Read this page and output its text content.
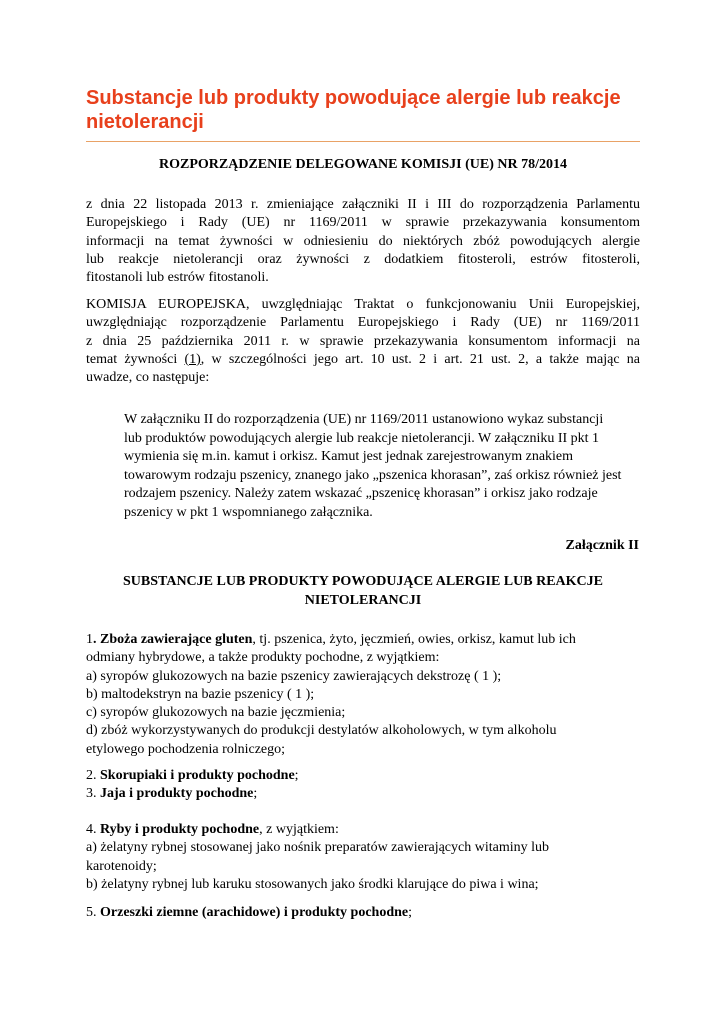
Substancje lub produkty powodujące alergie lub reakcje nietolerancji
ROZPORZĄDZENIE DELEGOWANE KOMISJI (UE) NR 78/2014
z dnia 22 listopada 2013 r. zmieniające załączniki II i III do rozporządzenia Parlamentu
Europejskiego i Rady (UE) nr 1169/2011 w sprawie przekazywania konsumentom
informacji na temat żywności w odniesieniu do niektórych zbóż powodujących alergie
lub reakcje nietolerancji oraz żywności z dodatkiem fitosteroli, estrów fitosteroli,
fitostanoli lub estrów fitostanoli.
KOMISJA EUROPEJSKA, uwzględniając Traktat o funkcjonowaniu Unii Europejskiej,
uwzględniając rozporządzenie Parlamentu Europejskiego i Rady (UE) nr 1169/2011
z dnia 25 października 2011 r. w sprawie przekazywania konsumentom informacji na
temat żywności (1), w szczególności jego art. 10 ust. 2 i art. 21 ust. 2, a także mając na
uwadze, co następuje:
W załączniku II do rozporządzenia (UE) nr 1169/2011 ustanowiono wykaz substancji
lub produktów powodujących alergie lub reakcje nietolerancji. W załączniku II pkt 1
wymienia się m.in. kamut i orkisz. Kamut jest jednak zarejestrowanym znakiem
towarowym rodzaju pszenicy, znanego jako „pszenica khorasan”, zaś orkisz również jest
rodzajem pszenicy. Należy zatem wskazać „pszenicę khorasan” i orkisz jako rodzaje
pszenicy w pkt 1 wspomnianego załącznika.
Załącznik II
SUBSTANCJE LUB PRODUKTY POWODUJĄCE ALERGIE LUB REAKCJE
NIETOLERANCJI
1. Zboża zawierające gluten, tj. pszenica, żyto, jęczmień, owies, orkisz, kamut lub ich
odmiany hybrydowe, a także produkty pochodne, z wyjątkiem:
a) syropów glukozowych na bazie pszenicy zawierających dekstrozę ( 1 );
b) maltodekstryn na bazie pszenicy ( 1 );
c) syropów glukozowych na bazie jęczmienia;
d) zbóż wykorzystywanych do produkcji destylatów alkoholowych, w tym alkoholu
etylowego pochodzenia rolniczego;
2. Skorupiaki i produkty pochodne;
3. Jaja i produkty pochodne;
4. Ryby i produkty pochodne, z wyjątkiem:
a) żelatyny rybnej stosowanej jako nośnik preparatów zawierających witaminy lub
karotenoidy;
b) żelatyny rybnej lub karuku stosowanych jako środki klarujące do piwa i wina;
5. Orzeszki ziemne (arachidowe) i produkty pochodne;
